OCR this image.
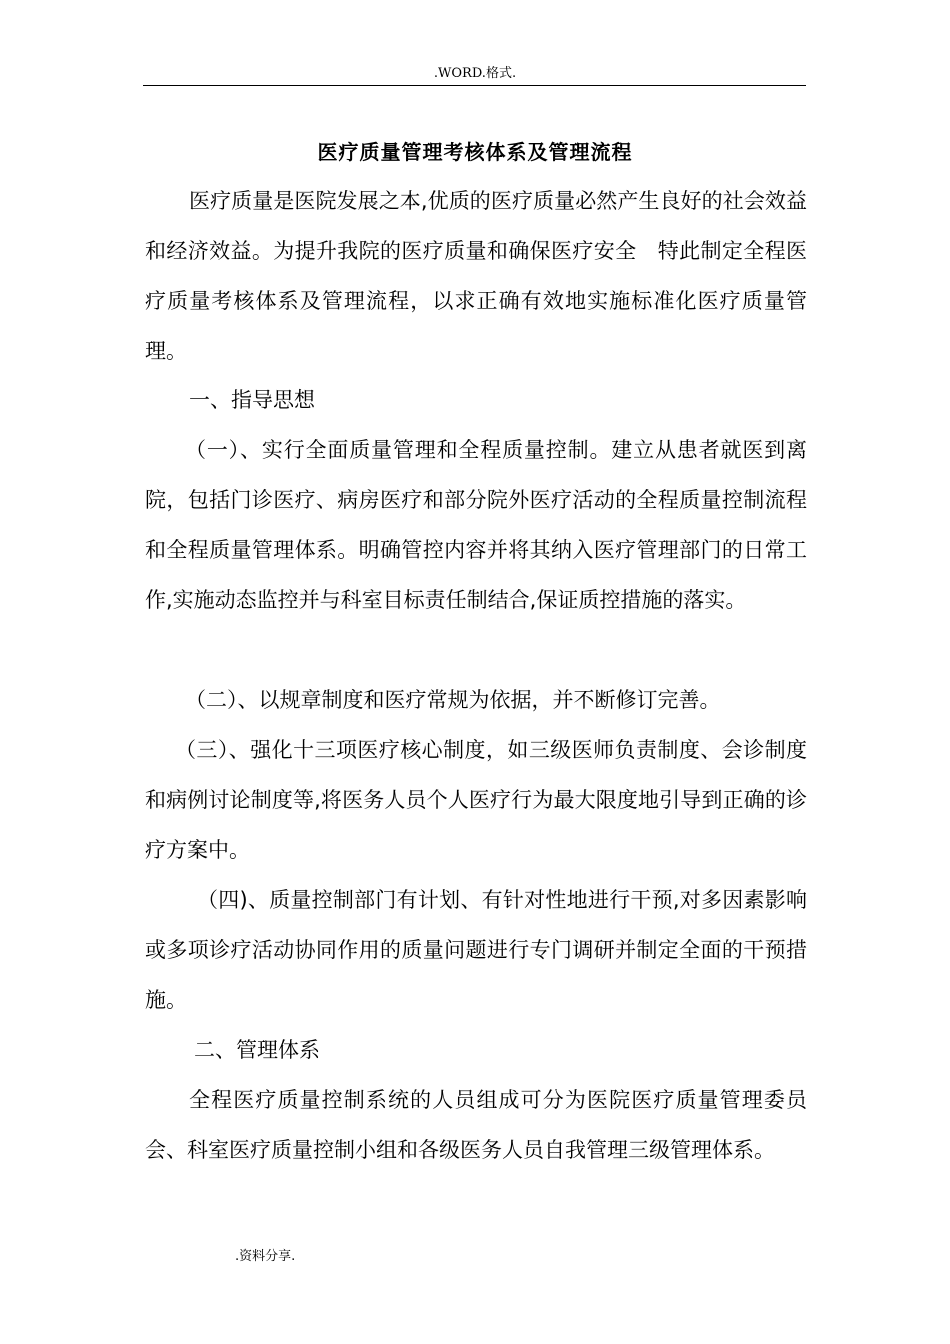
.WORD.格式.
医疗质量管理考核体系及管理流程

医疗质量是医院发展之本,优质的医疗质量必然产生良好的社会效益和经济效益。为提升我院的医疗质量和确保医疗安全　特此制定全程医疗质量考核体系及管理流程，以求正确有效地实施标准化医疗质量管理。

一、指导思想

（一）、实行全面质量管理和全程质量控制。建立从患者就医到离院，包括门诊医疗、病房医疗和部分院外医疗活动的全程质量控制流程和全程质量管理体系。明确管控内容并将其纳入医疗管理部门的日常工作,实施动态监控并与科室目标责任制结合,保证质控措施的落实。

（二）、以规章制度和医疗常规为依据，并不断修订完善。

（三）、强化十三项医疗核心制度，如三级医师负责制度、会诊制度和病例讨论制度等,将医务人员个人医疗行为最大限度地引导到正确的诊疗方案中。

（四)、质量控制部门有计划、有针对性地进行干预,对多因素影响或多项诊疗活动协同作用的质量问题进行专门调研并制定全面的干预措施。

二、管理体系

全程医疗质量控制系统的人员组成可分为医院医疗质量管理委员会、科室医疗质量控制小组和各级医务人员自我管理三级管理体系。

.资料分享.
